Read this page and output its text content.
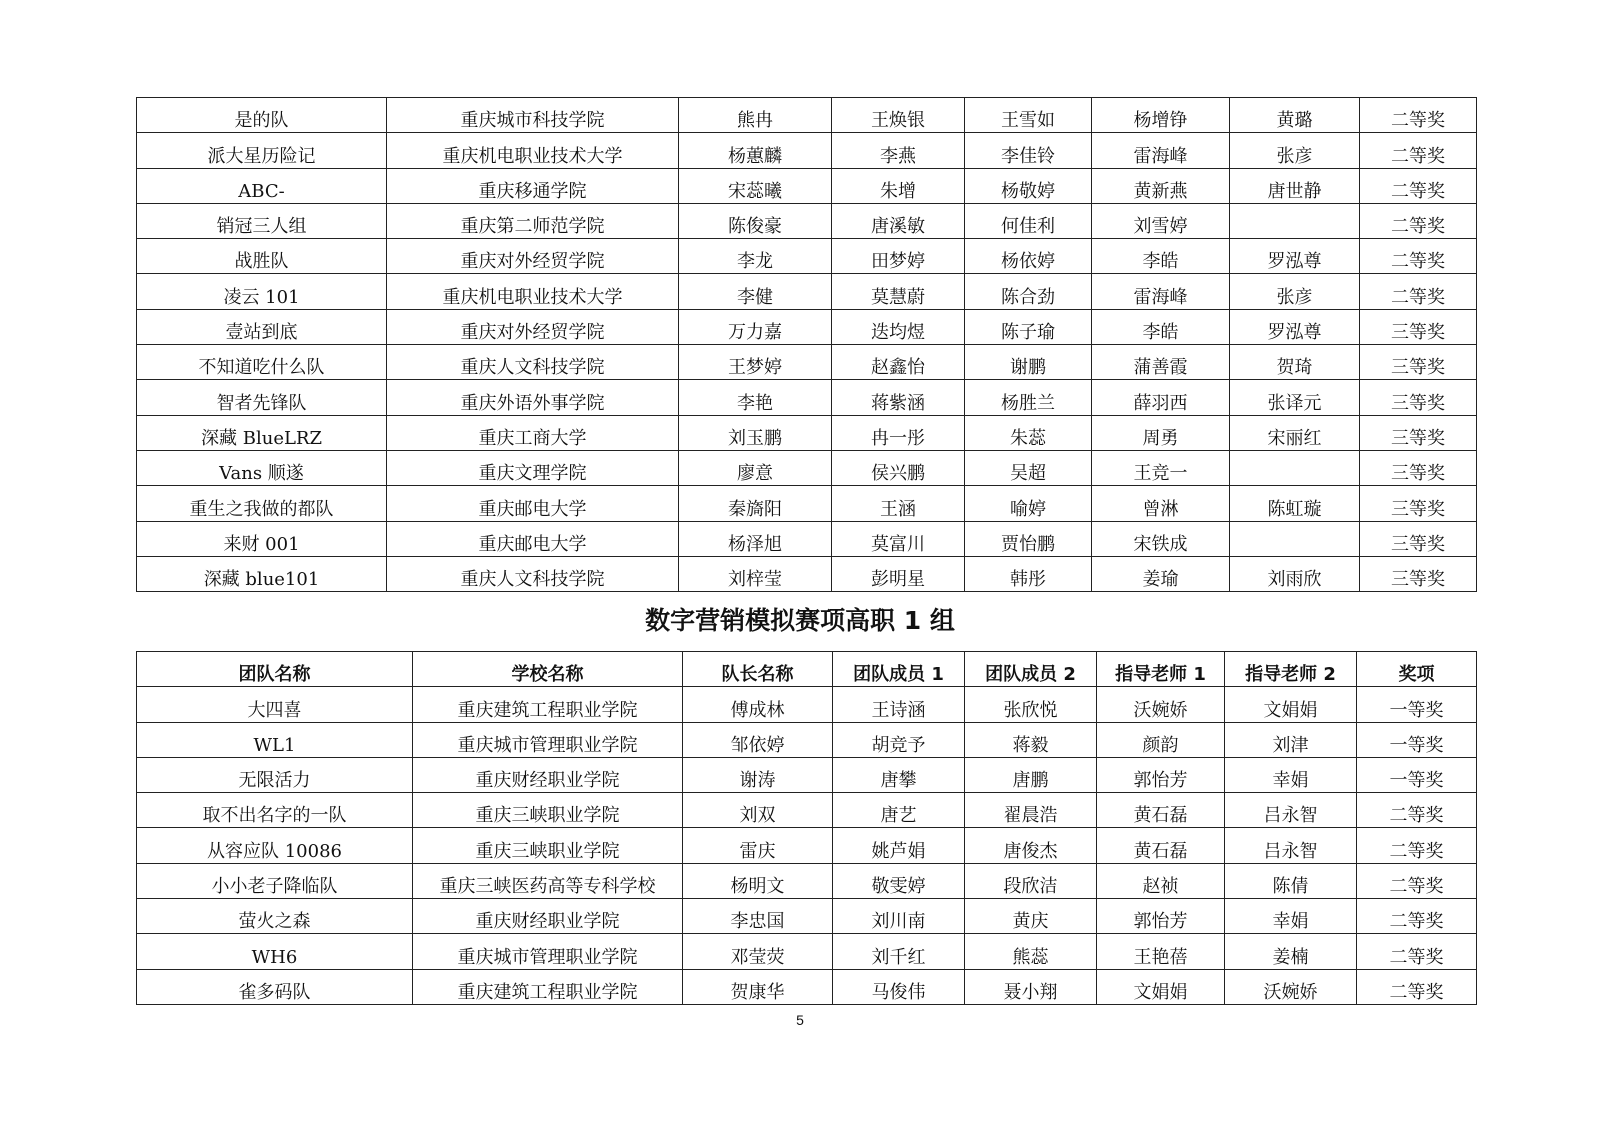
是的队	重庆城市科技学院	熊冉	王焕银	王雪如	杨增铮	黄璐	二等奖
派大星历险记	重庆机电职业技术大学	杨蕙麟	李燕	李佳铃	雷海峰	张彦	二等奖
ABC-	重庆移通学院	宋蕊曦	朱增	杨敬婷	黄新燕	唐世静	二等奖
销冠三人组	重庆第二师范学院	陈俊豪	唐溪敏	何佳利	刘雪婷		二等奖
战胜队	重庆对外经贸学院	李龙	田梦婷	杨依婷	李皓	罗泓尊	二等奖
凌云 101	重庆机电职业技术大学	李健	莫慧蔚	陈合劲	雷海峰	张彦	二等奖
壹站到底	重庆对外经贸学院	万力嘉	迭均煜	陈子瑜	李皓	罗泓尊	三等奖
不知道吃什么队	重庆人文科技学院	王梦婷	赵鑫怡	谢鹏	蒲善霞	贺琦	三等奖
智者先锋队	重庆外语外事学院	李艳	蒋紫涵	杨胜兰	薛羽西	张译元	三等奖
深藏 BlueLRZ	重庆工商大学	刘玉鹏	冉一彤	朱蕊	周勇	宋丽红	三等奖
Vans 顺遂	重庆文理学院	廖意	侯兴鹏	吴超	王竞一		三等奖
重生之我做的都队	重庆邮电大学	秦旖阳	王涵	喻婷	曾淋	陈虹璇	三等奖
来财 001	重庆邮电大学	杨泽旭	莫富川	贾怡鹏	宋铁成		三等奖
深藏 blue101	重庆人文科技学院	刘梓莹	彭明星	韩彤	姜瑜	刘雨欣	三等奖
数字营销模拟赛项高职 1 组
团队名称	学校名称	队长名称	团队成员 1	团队成员 2	指导老师 1	指导老师 2	奖项
大四喜	重庆建筑工程职业学院	傅成林	王诗涵	张欣悦	沃婉娇	文娟娟	一等奖
WL1	重庆城市管理职业学院	邹依婷	胡竞予	蒋毅	颜韵	刘津	一等奖
无限活力	重庆财经职业学院	谢涛	唐攀	唐鹏	郭怡芳	幸娟	一等奖
取不出名字的一队	重庆三峡职业学院	刘双	唐艺	翟晨浩	黄石磊	吕永智	二等奖
从容应队 10086	重庆三峡职业学院	雷庆	姚芦娟	唐俊杰	黄石磊	吕永智	二等奖
小小老子降临队	重庆三峡医药高等专科学校	杨明文	敬雯婷	段欣洁	赵祯	陈倩	二等奖
萤火之森	重庆财经职业学院	李忠国	刘川南	黄庆	郭怡芳	幸娟	二等奖
WH6	重庆城市管理职业学院	邓莹荧	刘千红	熊蕊	王艳蓓	姜楠	二等奖
雀多码队	重庆建筑工程职业学院	贺康华	马俊伟	聂小翔	文娟娟	沃婉娇	二等奖
5
